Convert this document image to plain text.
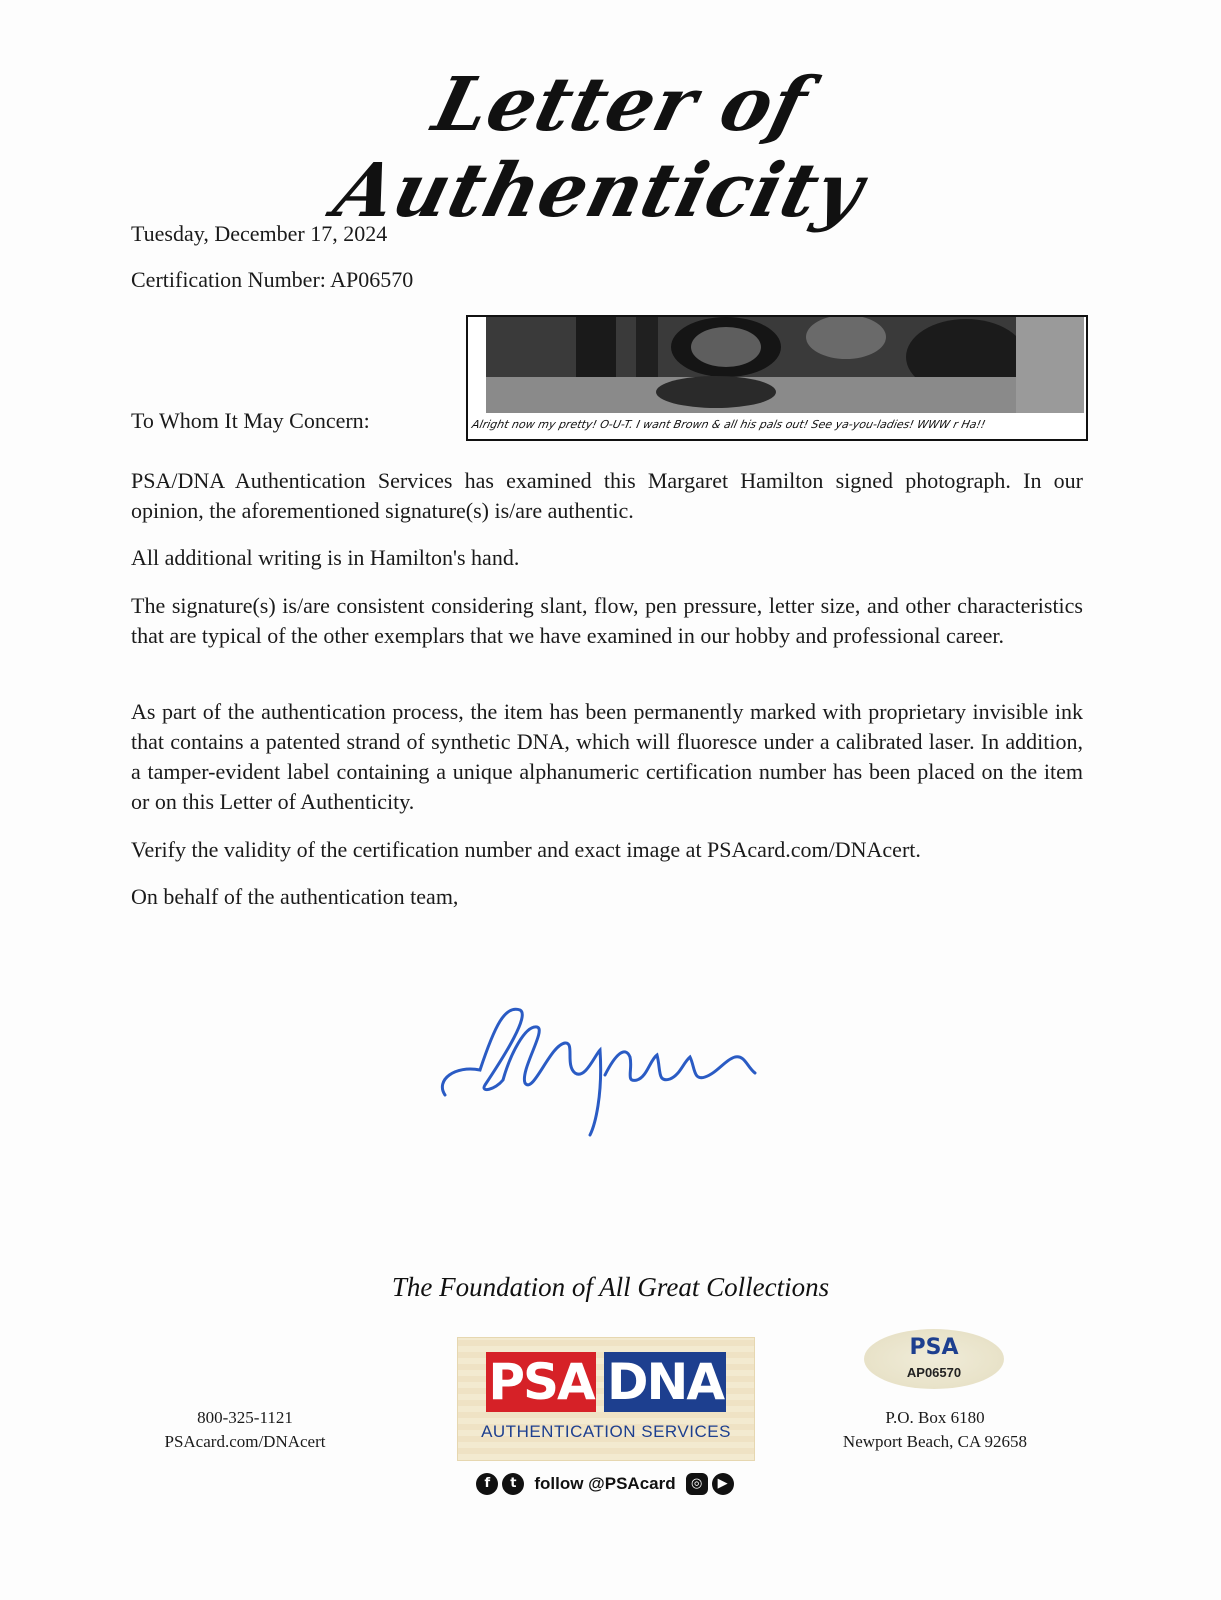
Letter of Authenticity
Tuesday, December 17, 2024
Certification Number: AP06570
To Whom It May Concern:	Alright now my pretty! O-U-T. I want Brown & all his pals out! See ya-you-ladies! WWW r Ha!!

PSA/DNA Authentication Services has examined this Margaret Hamilton signed photograph. In our opinion, the aforementioned signature(s) is/are authentic.

All additional writing is in Hamilton's hand.

The signature(s) is/are consistent considering slant, flow, pen pressure, letter size, and other characteristics that are typical of the other exemplars that we have examined in our hobby and professional career.

As part of the authentication process, the item has been permanently marked with proprietary invisible ink that contains a patented strand of synthetic DNA, which will fluoresce under a calibrated laser. In addition, a tamper-evident label containing a unique alphanumeric certification number has been placed on the item or on this Letter of Authenticity.

Verify the validity of the certification number and exact image at PSAcard.com/DNAcert.

On behalf of the authentication team,

The Foundation of All Great Collections
800-325-1121
PSAcard.com/DNAcert
PSA DNA
AUTHENTICATION SERVICES
f	t	follow @PSAcard	◎	▶
PSA
AP06570
P.O. Box 6180
Newport Beach, CA 92658
